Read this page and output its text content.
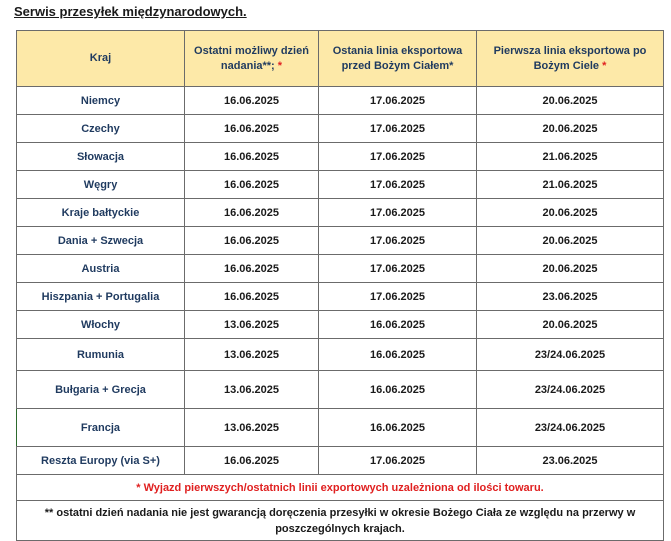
Serwis przesyłek międzynarodowych.
Kraj	Ostatni możliwy dzień nadania**; *	Ostania linia eksportowa przed Bożym Ciałem*	Pierwsza linia eksportowa po Bożym Ciele *
Niemcy	16.06.2025	17.06.2025	20.06.2025
Czechy	16.06.2025	17.06.2025	20.06.2025
Słowacja	16.06.2025	17.06.2025	21.06.2025
Węgry	16.06.2025	17.06.2025	21.06.2025
Kraje bałtyckie	16.06.2025	17.06.2025	20.06.2025
Dania + Szwecja	16.06.2025	17.06.2025	20.06.2025
Austria	16.06.2025	17.06.2025	20.06.2025
Hiszpania + Portugalia	16.06.2025	17.06.2025	23.06.2025
Włochy	13.06.2025	16.06.2025	20.06.2025
Rumunia	13.06.2025	16.06.2025	23/24.06.2025
Bułgaria + Grecja	13.06.2025	16.06.2025	23/24.06.2025
Francja	13.06.2025	16.06.2025	23/24.06.2025
Reszta Europy (via S+)	16.06.2025	17.06.2025	23.06.2025
* Wyjazd pierwszych/ostatnich linii exportowych uzależniona od ilości towaru.			
** ostatni dzień nadania nie jest gwarancją doręczenia przesyłki w okresie Bożego Ciała ze względu na przerwy w poszczególnych krajach.			
